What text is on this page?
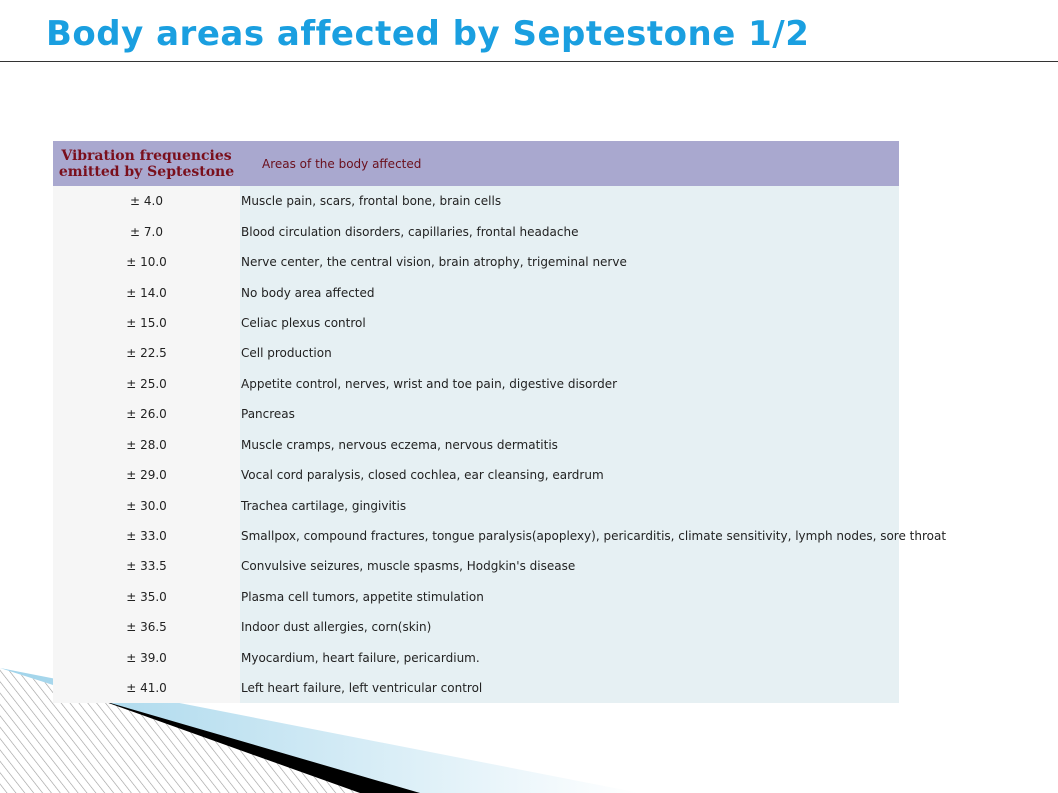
Body areas affected by Septestone 1/2
Vibration frequencies emitted by Septestone	Areas of the body affected
± 4.0	Muscle pain, scars, frontal bone, brain cells
± 7.0	Blood circulation disorders, capillaries, frontal headache
± 10.0	Nerve center, the central vision, brain atrophy, trigeminal nerve
± 14.0	No body area affected
± 15.0	Celiac plexus control
± 22.5	Cell production
± 25.0	Appetite control, nerves, wrist and toe pain, digestive disorder
± 26.0	Pancreas
± 28.0	Muscle cramps, nervous eczema, nervous dermatitis
± 29.0	Vocal cord paralysis, closed cochlea, ear cleansing, eardrum
± 30.0	Trachea cartilage, gingivitis
± 33.0	Smallpox, compound fractures, tongue paralysis(apoplexy), pericarditis, climate sensitivity, lymph nodes, sore throat
± 33.5	Convulsive seizures, muscle spasms, Hodgkin's disease
± 35.0	Plasma cell tumors, appetite stimulation
± 36.5	Indoor dust allergies, corn(skin)
± 39.0	Myocardium, heart failure, pericardium.
± 41.0	Left heart failure, left ventricular control
